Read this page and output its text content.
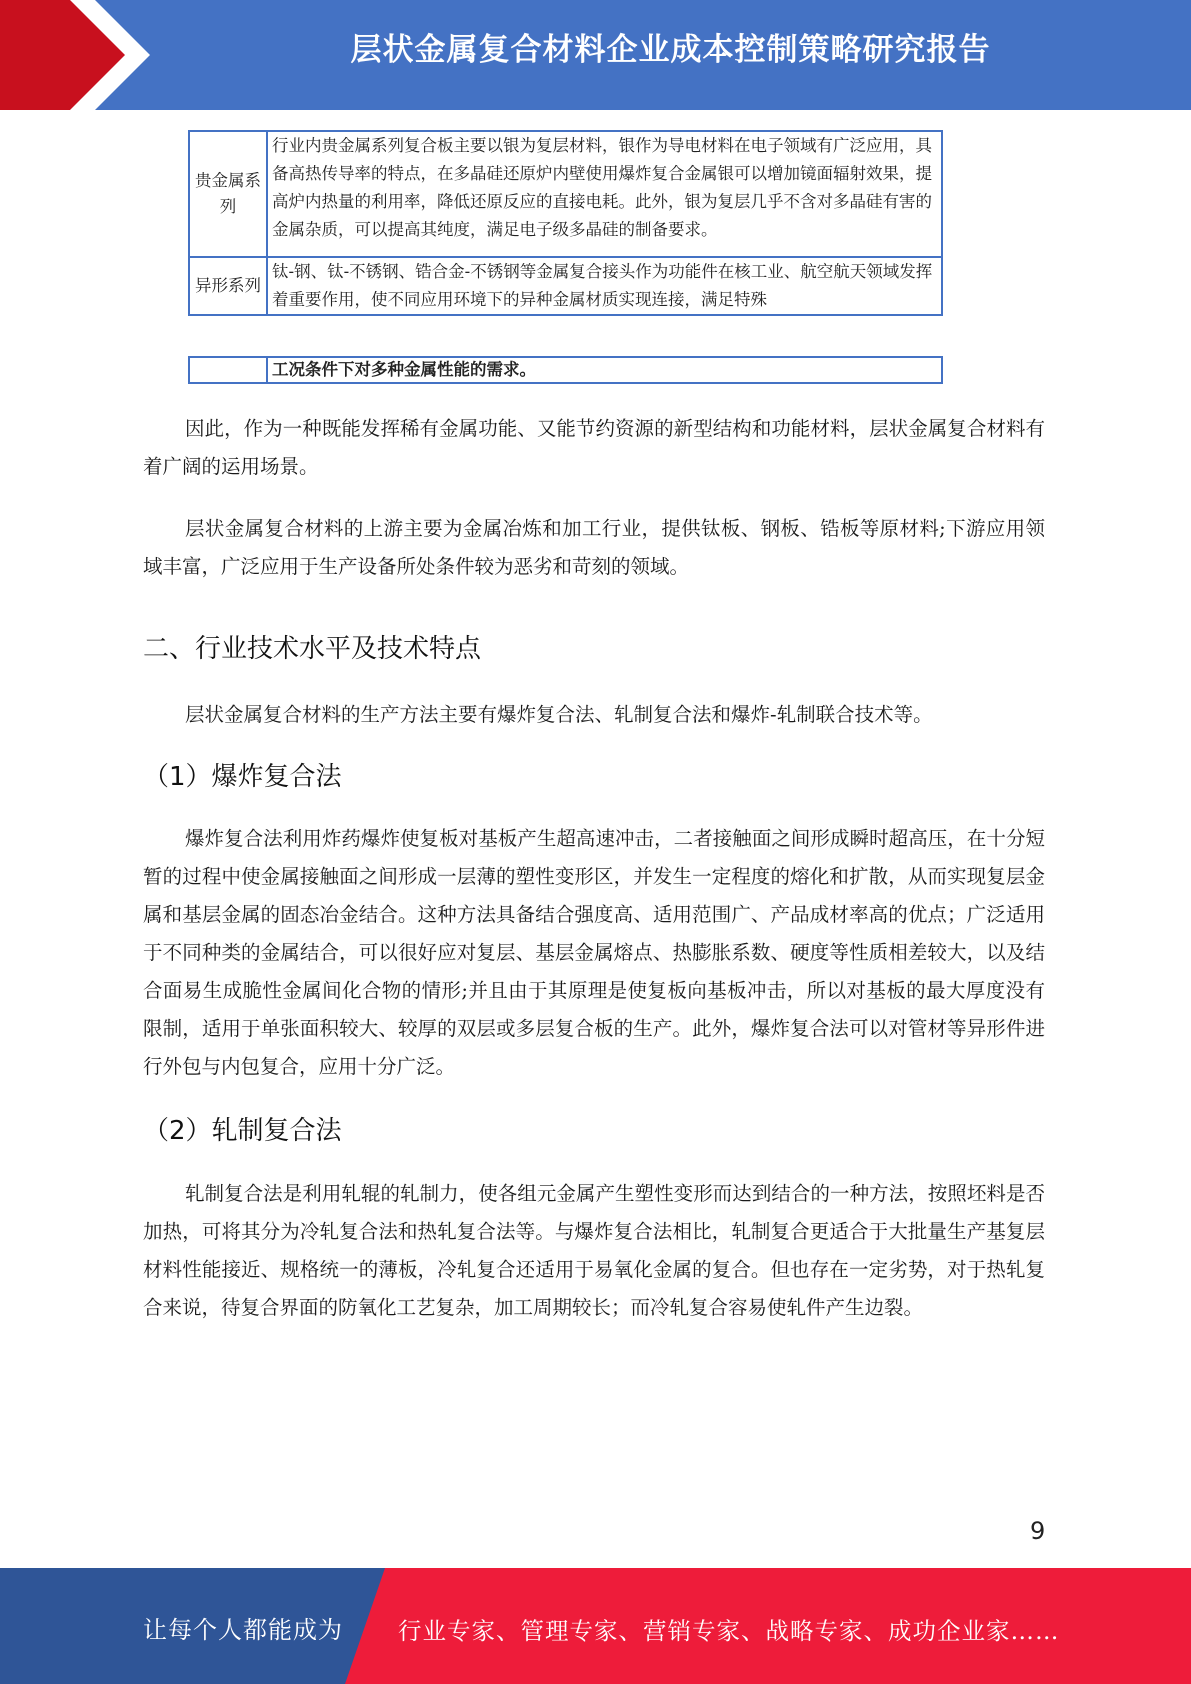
层状金属复合材料企业成本控制策略研究报告
贵金属系列	行业内贵金属系列复合板主要以银为复层材料，银作为导电材料在电子领域有广泛应用，具备高热传导率的特点，在多晶硅还原炉内壁使用爆炸复合金属银可以增加镜面辐射效果，提高炉内热量的利用率，降低还原反应的直接电耗。此外，银为复层几乎不含对多晶硅有害的金属杂质，可以提高其纯度，满足电子级多晶硅的制备要求。
异形系列	钛-钢、钛-不锈钢、锆合金-不锈钢等金属复合接头作为功能件在核工业、航空航天领域发挥着重要作用，使不同应用环境下的异种金属材质实现连接，满足特殊
	工况条件下对多种金属性能的需求。

因此，作为一种既能发挥稀有金属功能、又能节约资源的新型结构和功能材料，层状金属复合材料有着广阔的运用场景。

层状金属复合材料的上游主要为金属冶炼和加工行业，提供钛板、钢板、锆板等原材料;下游应用领域丰富，广泛应用于生产设备所处条件较为恶劣和苛刻的领域。

二、行业技术水平及技术特点

层状金属复合材料的生产方法主要有爆炸复合法、轧制复合法和爆炸-轧制联合技术等。

（1）爆炸复合法

爆炸复合法利用炸药爆炸使复板对基板产生超高速冲击，二者接触面之间形成瞬时超高压，在十分短暂的过程中使金属接触面之间形成一层薄的塑性变形区，并发生一定程度的熔化和扩散，从而实现复层金属和基层金属的固态冶金结合。这种方法具备结合强度高、适用范围广、产品成材率高的优点；广泛适用于不同种类的金属结合，可以很好应对复层、基层金属熔点、热膨胀系数、硬度等性质相差较大，以及结合面易生成脆性金属间化合物的情形;并且由于其原理是使复板向基板冲击，所以对基板的最大厚度没有限制，适用于单张面积较大、较厚的双层或多层复合板的生产。此外，爆炸复合法可以对管材等异形件进行外包与内包复合，应用十分广泛。

（2）轧制复合法

轧制复合法是利用轧辊的轧制力，使各组元金属产生塑性变形而达到结合的一种方法，按照坯料是否加热，可将其分为冷轧复合法和热轧复合法等。与爆炸复合法相比，轧制复合更适合于大批量生产基复层材料性能接近、规格统一的薄板，冷轧复合还适用于易氧化金属的复合。但也存在一定劣势，对于热轧复合来说，待复合界面的防氧化工艺复杂，加工周期较长；而冷轧复合容易使轧件产生边裂。

9
让每个人都能成为 行业专家、管理专家、营销专家、战略专家、成功企业家……
